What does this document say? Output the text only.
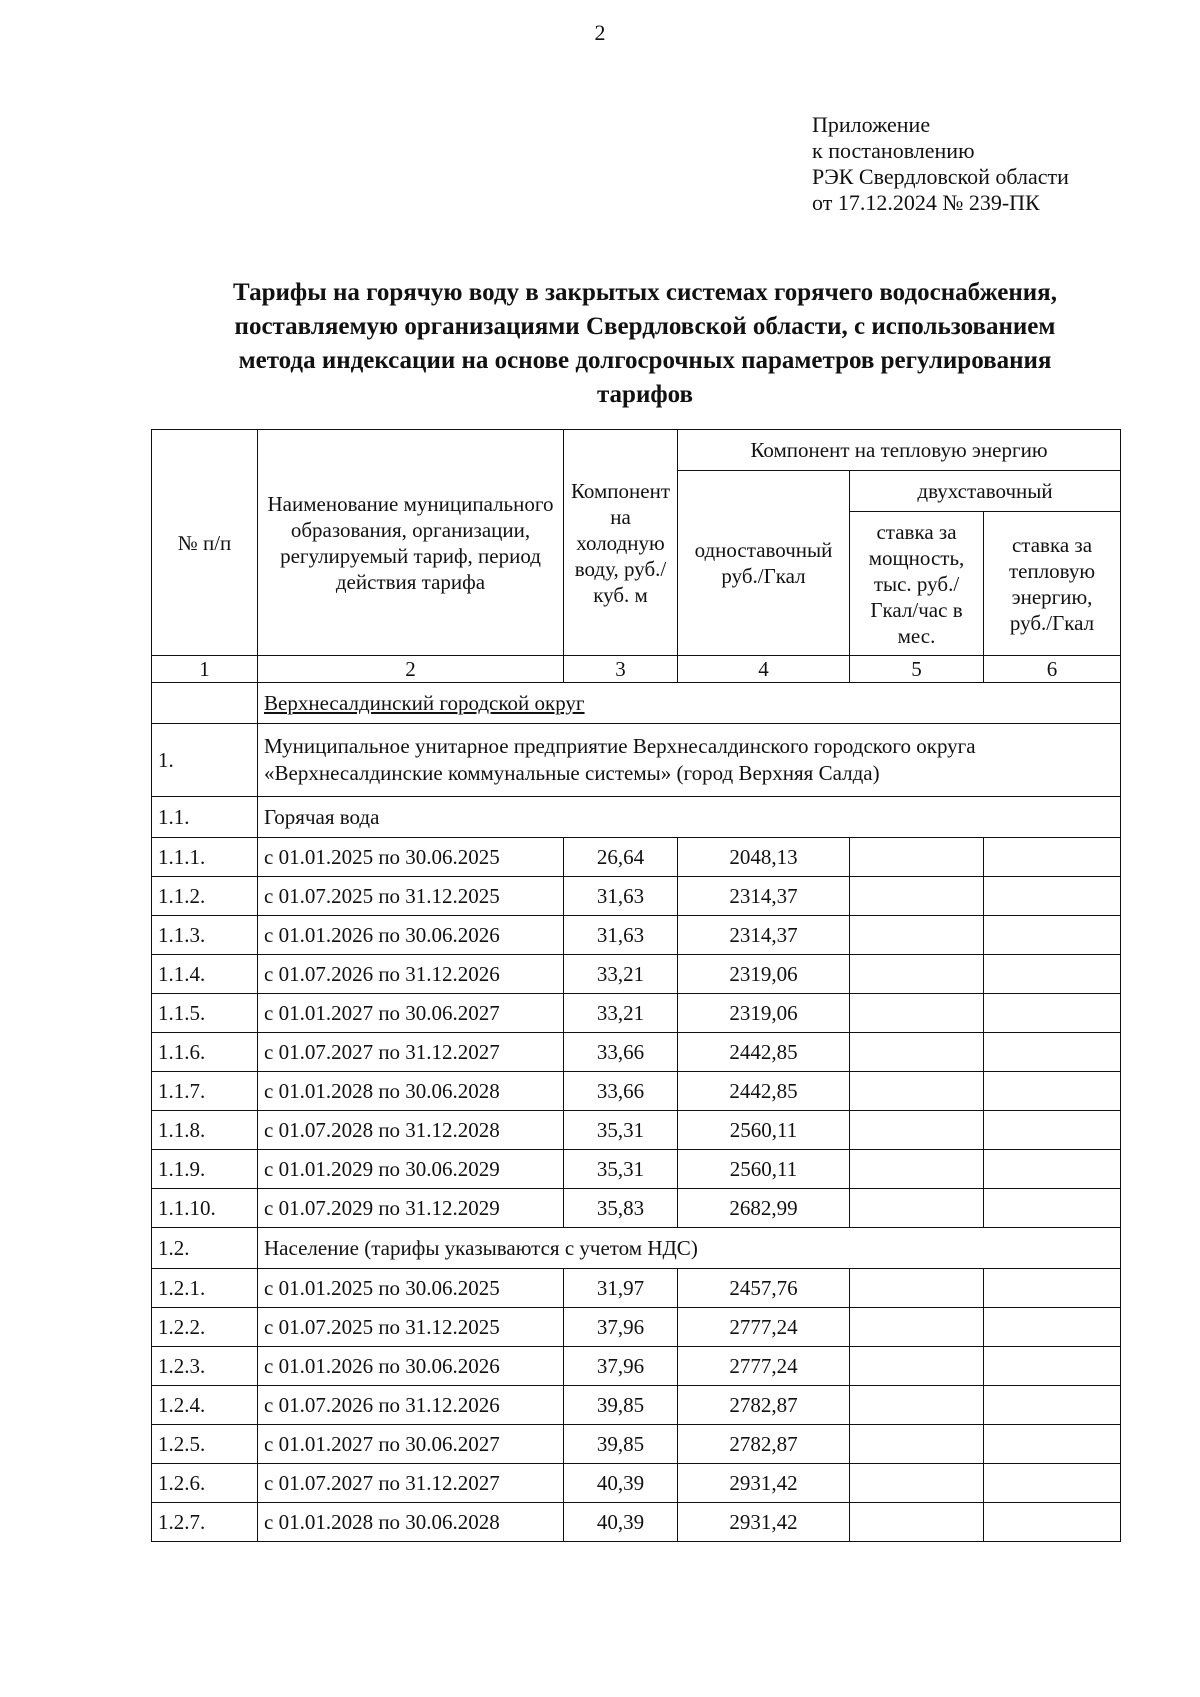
2
Приложение
к постановлению
РЭК Свердловской области
от 17.12.2024 № 239-ПК
Тарифы на горячую воду в закрытых системах горячего водоснабжения,
поставляемую организациями Свердловской области, с использованием
метода индексации на основе долгосрочных параметров регулирования
тарифов
№ п/п	Наименование муниципального образования, организации, регулируемый тариф, период действия тарифа	Компонент на холодную воду, руб./куб. м	Компонент на тепловую энергию		
			одноставочный руб./Гкал	двухставочный	
				ставка за мощность, тыс. руб./Гкал/час в мес.	ставка за тепловую энергию, руб./Гкал
1	2	3	4	5	6
	Верхнесалдинский городской округ				
1.	Муниципальное унитарное предприятие Верхнесалдинского городского округа «Верхнесалдинские коммунальные системы» (город Верхняя Салда)				
1.1.	Горячая вода				
1.1.1.	с 01.01.2025 по 30.06.2025	26,64	2048,13		
1.1.2.	с 01.07.2025 по 31.12.2025	31,63	2314,37		
1.1.3.	с 01.01.2026 по 30.06.2026	31,63	2314,37		
1.1.4.	с 01.07.2026 по 31.12.2026	33,21	2319,06		
1.1.5.	с 01.01.2027 по 30.06.2027	33,21	2319,06		
1.1.6.	с 01.07.2027 по 31.12.2027	33,66	2442,85		
1.1.7.	с 01.01.2028 по 30.06.2028	33,66	2442,85		
1.1.8.	с 01.07.2028 по 31.12.2028	35,31	2560,11		
1.1.9.	с 01.01.2029 по 30.06.2029	35,31	2560,11		
1.1.10.	с 01.07.2029 по 31.12.2029	35,83	2682,99		
1.2.	Население (тарифы указываются с учетом НДС)				
1.2.1.	с 01.01.2025 по 30.06.2025	31,97	2457,76		
1.2.2.	с 01.07.2025 по 31.12.2025	37,96	2777,24		
1.2.3.	с 01.01.2026 по 30.06.2026	37,96	2777,24		
1.2.4.	с 01.07.2026 по 31.12.2026	39,85	2782,87		
1.2.5.	с 01.01.2027 по 30.06.2027	39,85	2782,87		
1.2.6.	с 01.07.2027 по 31.12.2027	40,39	2931,42		
1.2.7.	с 01.01.2028 по 30.06.2028	40,39	2931,42		
